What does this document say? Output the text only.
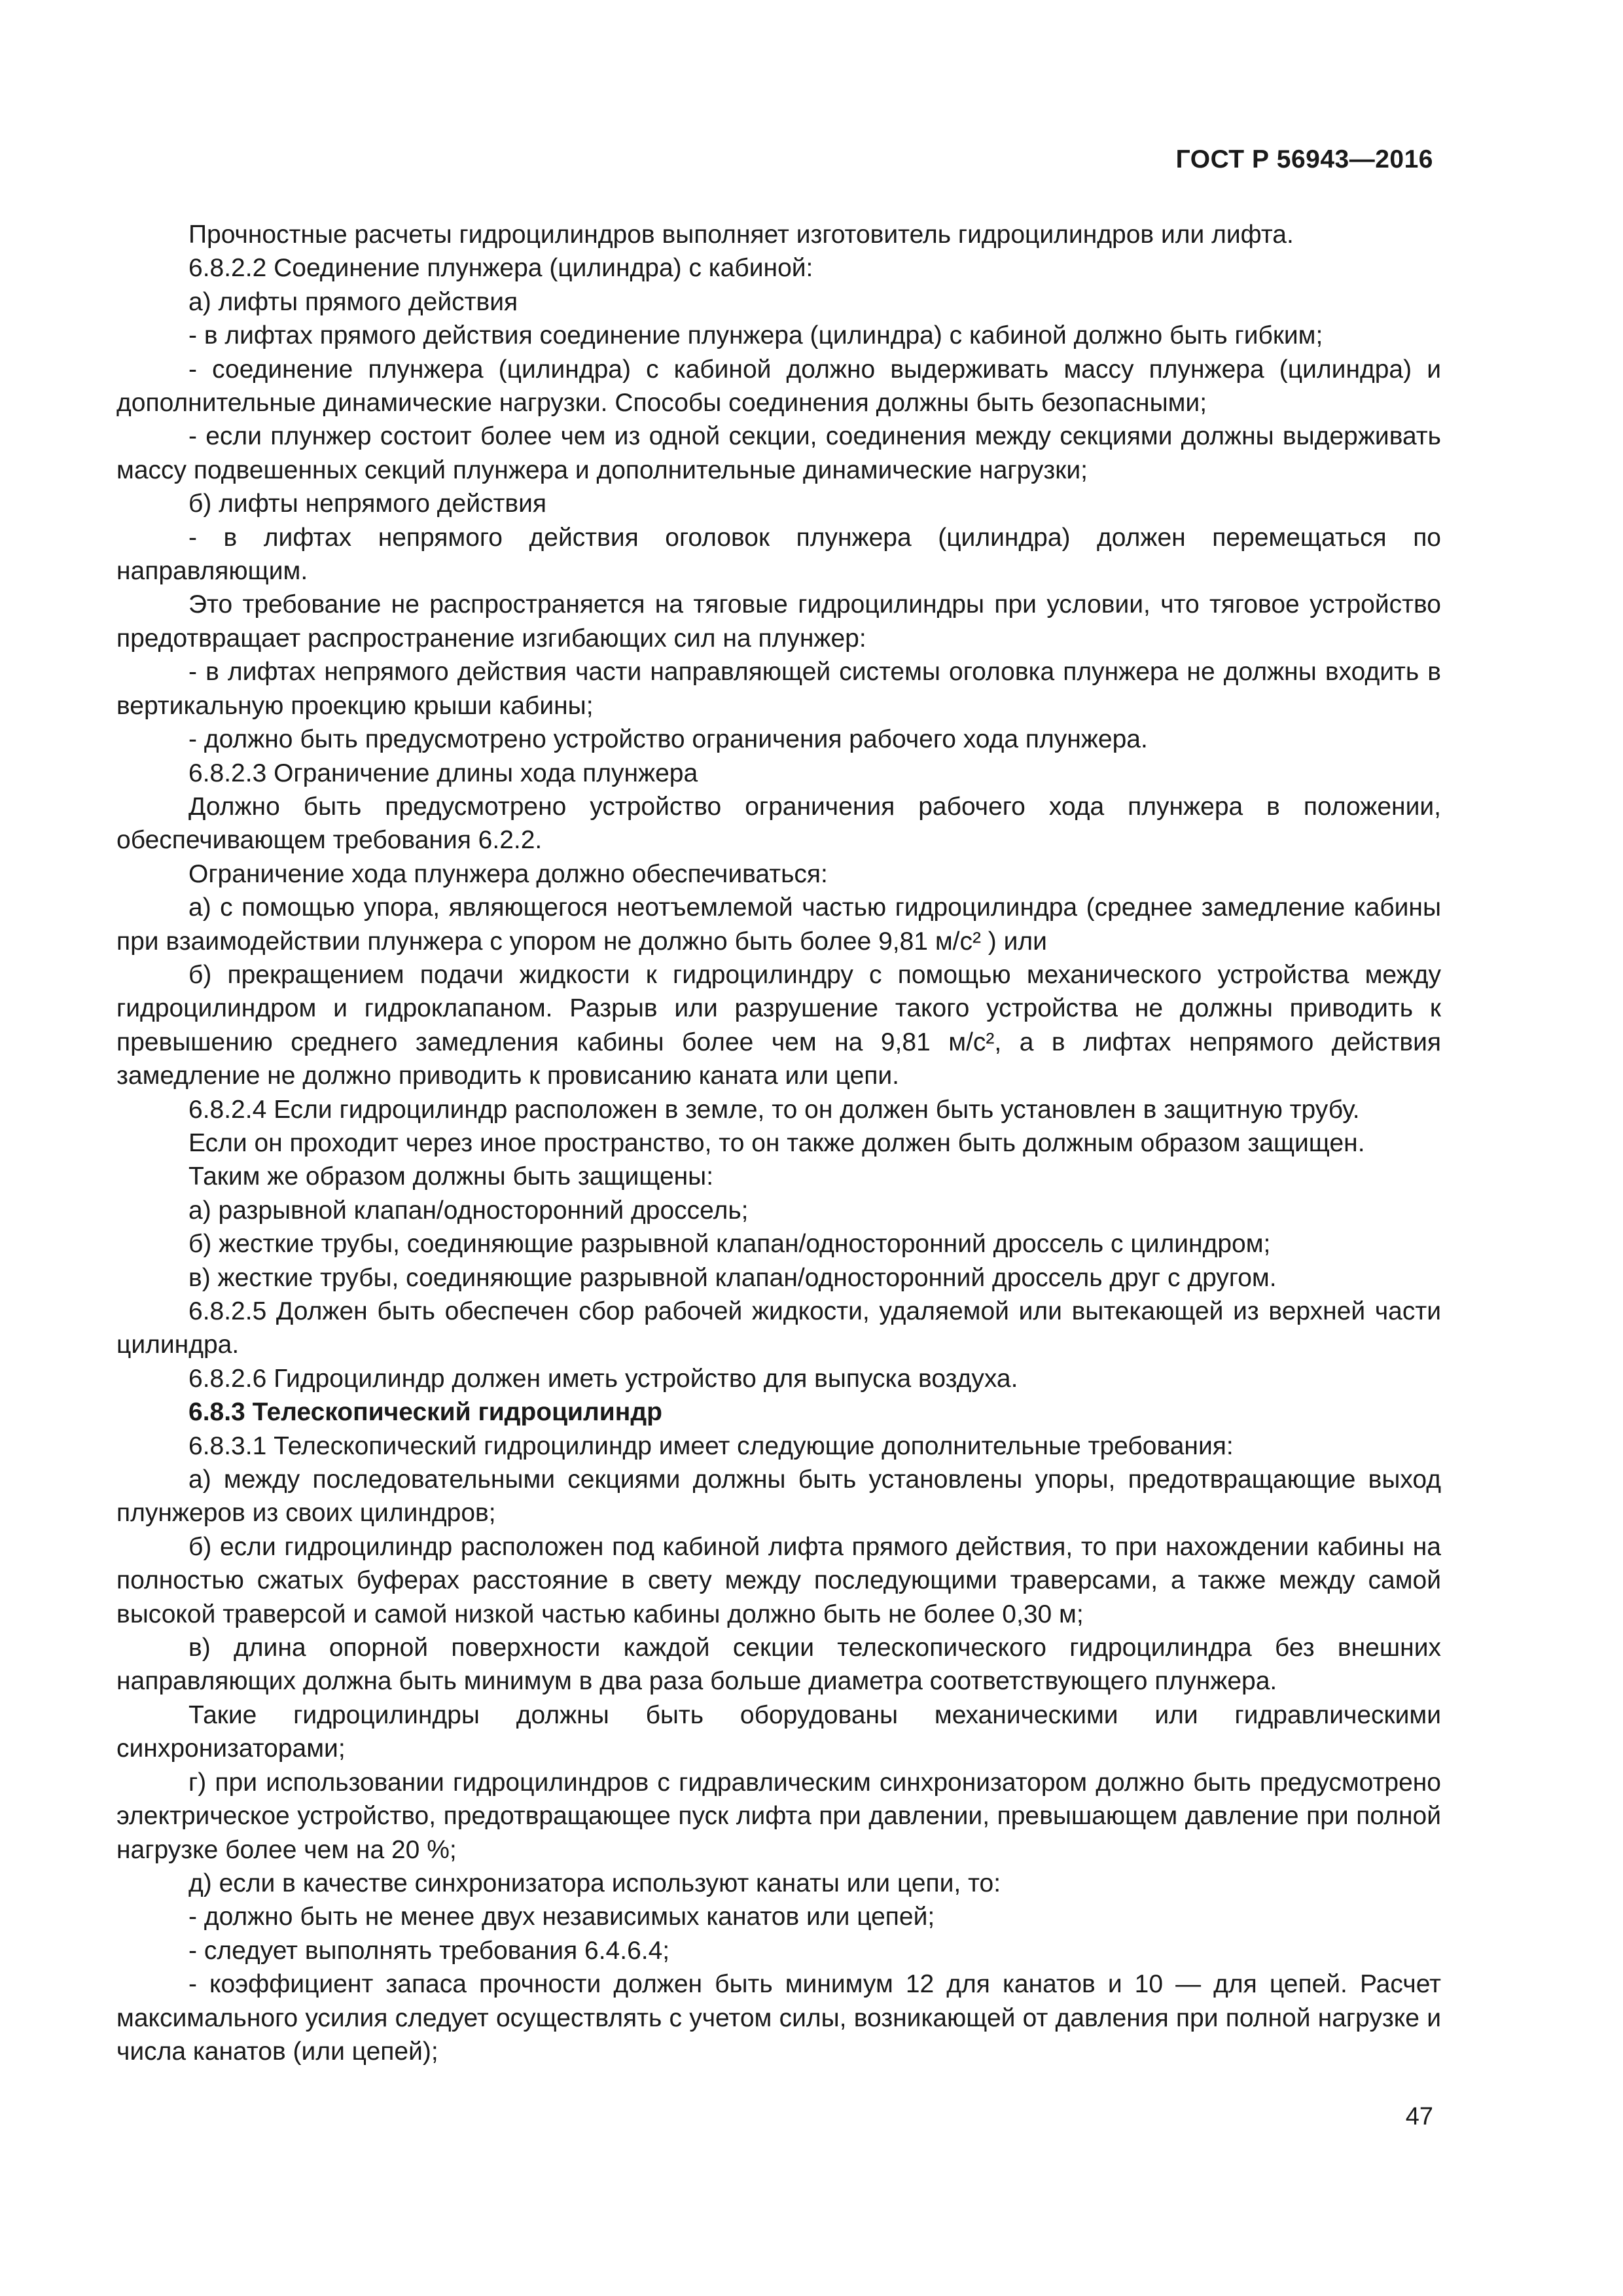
ГОСТ Р 56943—2016

Прочностные расчеты гидроцилиндров выполняет изготовитель гидроцилиндров или лифта.

6.8.2.2 Соединение плунжера (цилиндра) с кабиной:

а) лифты прямого действия

- в лифтах прямого действия соединение плунжера (цилиндра) с кабиной должно быть гибким;

- соединение плунжера (цилиндра) с кабиной должно выдерживать массу плунжера (цилиндра) и дополнительные динамические нагрузки. Способы соединения должны быть безопасными;

- если плунжер состоит более чем из одной секции, соединения между секциями должны выдерживать массу подвешенных секций плунжера и дополнительные динамические нагрузки;

б) лифты непрямого действия

- в лифтах непрямого действия оголовок плунжера (цилиндра) должен перемещаться по направляющим.

Это требование не распространяется на тяговые гидроцилиндры при условии, что тяговое устройство предотвращает распространение изгибающих сил на плунжер:

- в лифтах непрямого действия части направляющей системы оголовка плунжера не должны входить в вертикальную проекцию крыши кабины;

- должно быть предусмотрено устройство ограничения рабочего хода плунжера.

6.8.2.3 Ограничение длины хода плунжера

Должно быть предусмотрено устройство ограничения рабочего хода плунжера в положении, обеспечивающем требования 6.2.2.

Ограничение хода плунжера должно обеспечиваться:

а) с помощью упора, являющегося неотъемлемой частью гидроцилиндра (среднее замедление кабины при взаимодействии плунжера с упором не должно быть более 9,81 м/с² ) или

б) прекращением подачи жидкости к гидроцилиндру с помощью механического устройства между гидроцилиндром и гидроклапаном. Разрыв или разрушение такого устройства не должны приводить к превышению среднего замедления кабины более чем на 9,81 м/с², а в лифтах непрямого действия замедление не должно приводить к провисанию каната или цепи.

6.8.2.4 Если гидроцилиндр расположен в земле, то он должен быть установлен в защитную трубу.

Если он проходит через иное пространство, то он также должен быть должным образом защищен.

Таким же образом должны быть защищены:

а) разрывной клапан/односторонний дроссель;

б) жесткие трубы, соединяющие разрывной клапан/односторонний дроссель с цилиндром;

в) жесткие трубы, соединяющие разрывной клапан/односторонний дроссель друг с другом.

6.8.2.5 Должен быть обеспечен сбор рабочей жидкости, удаляемой или вытекающей из верхней части цилиндра.

6.8.2.6 Гидроцилиндр должен иметь устройство для выпуска воздуха.

6.8.3 Телескопический гидроцилиндр

6.8.3.1 Телескопический гидроцилиндр имеет следующие дополнительные требования:

а) между последовательными секциями должны быть установлены упоры, предотвращающие выход плунжеров из своих цилиндров;

б) если гидроцилиндр расположен под кабиной лифта прямого действия, то при нахождении кабины на полностью сжатых буферах расстояние в свету между последующими траверсами, а также между самой высокой траверсой и самой низкой частью кабины должно быть не более 0,30 м;

в) длина опорной поверхности каждой секции телескопического гидроцилиндра без внешних направляющих должна быть минимум в два раза больше диаметра соответствующего плунжера.

Такие гидроцилиндры должны быть оборудованы механическими или гидравлическими синхронизаторами;

г) при использовании гидроцилиндров с гидравлическим синхронизатором должно быть предусмотрено электрическое устройство, предотвращающее пуск лифта при давлении, превышающем давление при полной нагрузке более чем на 20 %;

д) если в качестве синхронизатора используют канаты или цепи, то:

- должно быть не менее двух независимых канатов или цепей;

- следует выполнять требования 6.4.6.4;

- коэффициент запаса прочности должен быть минимум 12 для канатов и 10 — для цепей. Расчет максимального усилия следует осуществлять с учетом силы, возникающей от давления при полной нагрузке и числа канатов (или цепей);

47
